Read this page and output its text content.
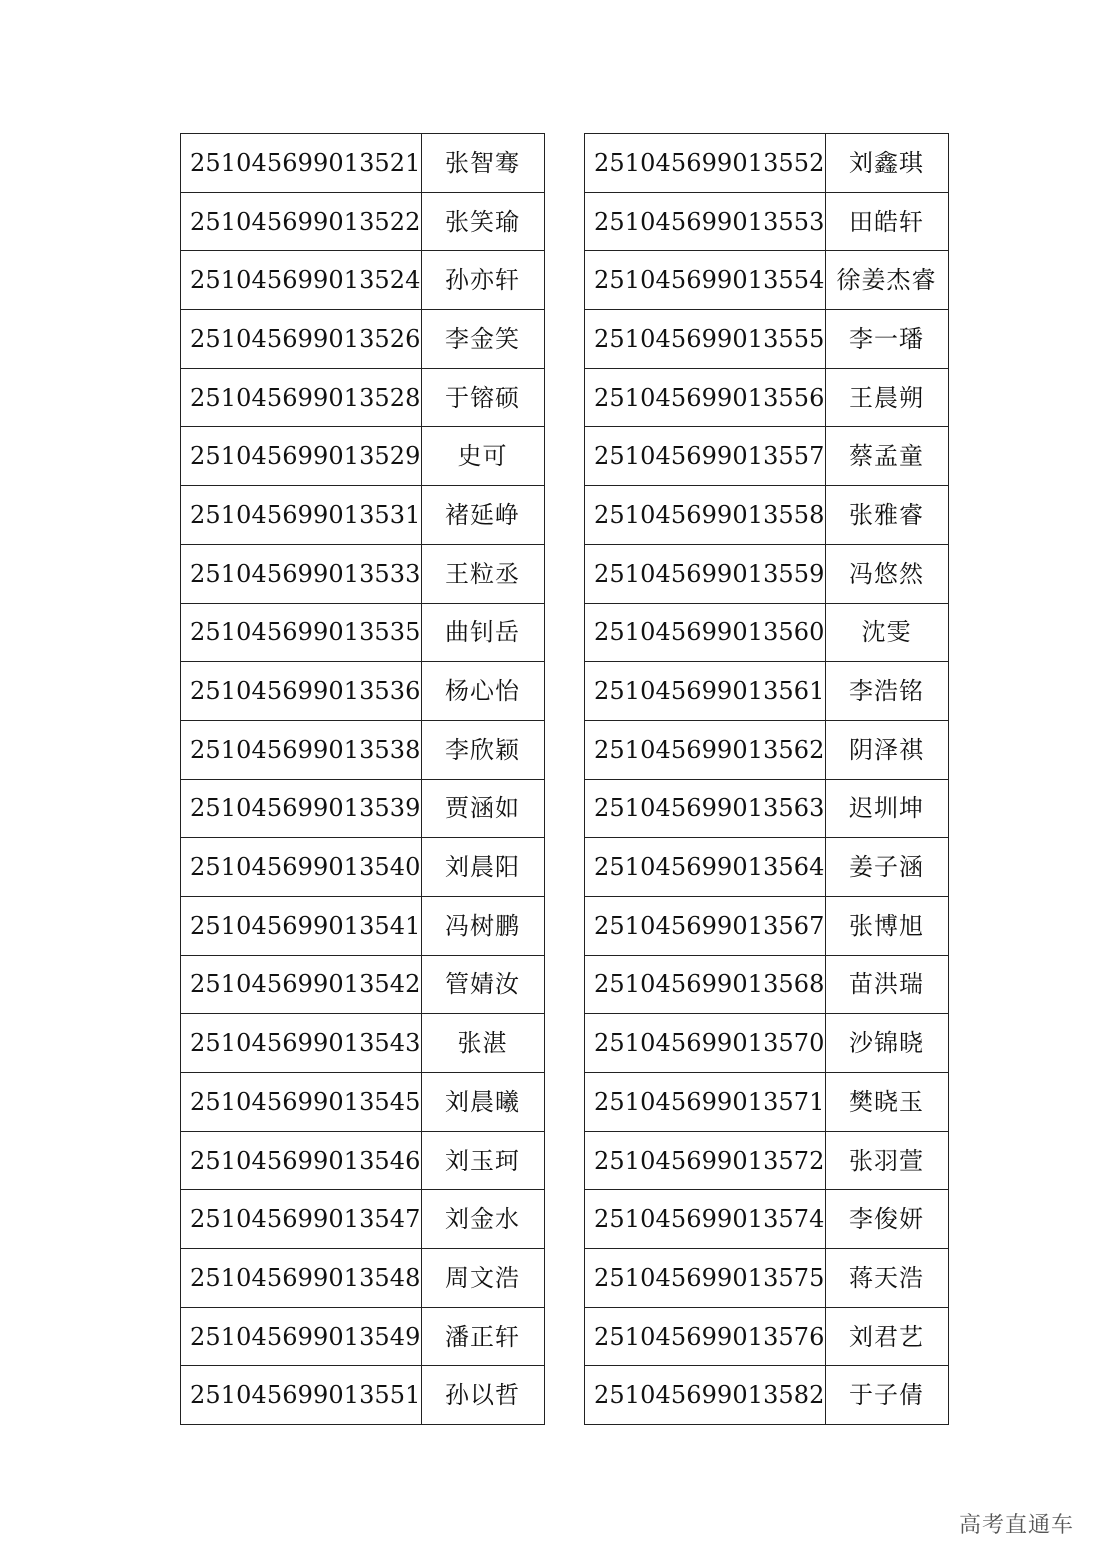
251045699013521	张智骞
251045699013522	张笑瑜
251045699013524	孙亦轩
251045699013526	李金笑
251045699013528	于镕硕
251045699013529	史可
251045699013531	褚延峥
251045699013533	王粒丞
251045699013535	曲钊岳
251045699013536	杨心怡
251045699013538	李欣颖
251045699013539	贾涵如
251045699013540	刘晨阳
251045699013541	冯树鹏
251045699013542	管婧汝
251045699013543	张湛
251045699013545	刘晨曦
251045699013546	刘玉珂
251045699013547	刘金水
251045699013548	周文浩
251045699013549	潘正轩
251045699013551	孙以哲
251045699013552	刘鑫琪
251045699013553	田皓轩
251045699013554	徐姜杰睿
251045699013555	李一璠
251045699013556	王晨朔
251045699013557	蔡孟童
251045699013558	张雅睿
251045699013559	冯悠然
251045699013560	沈雯
251045699013561	李浩铭
251045699013562	阴泽祺
251045699013563	迟圳坤
251045699013564	姜子涵
251045699013567	张博旭
251045699013568	苗洪瑞
251045699013570	沙锦晓
251045699013571	樊晓玉
251045699013572	张羽萱
251045699013574	李俊妍
251045699013575	蒋天浩
251045699013576	刘君艺
251045699013582	于子倩
高考直通车
